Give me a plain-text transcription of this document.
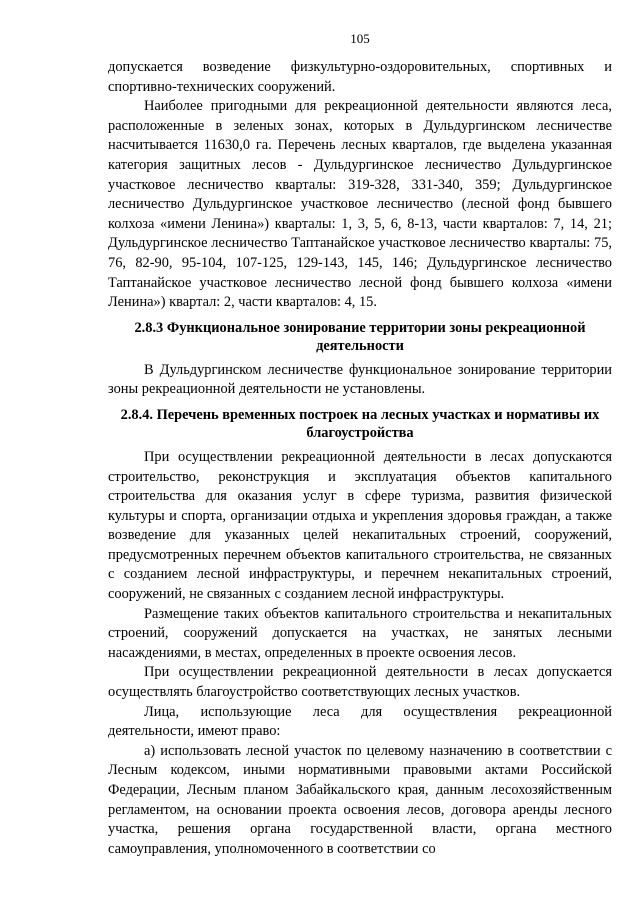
105

допускается возведение физкультурно-оздоровительных, спортивных и спортивно-технических сооружений.

Наиболее пригодными для рекреационной деятельности являются леса, расположенные в зеленых зонах, которых в Дульдургинском лесничестве насчитывается 11630,0 га. Перечень лесных кварталов, где выделена указанная категория защитных лесов - Дульдургинское лесничество Дульдургинское участковое лесничество кварталы: 319-328, 331-340, 359; Дульдургинское лесничество Дульдургинское участковое лесничество (лесной фонд бывшего колхоза «имени Ленина») кварталы: 1, 3, 5, 6, 8-13, части кварталов: 7, 14, 21; Дульдургинское лесничество Таптанайское участковое лесничество кварталы: 75, 76, 82-90, 95-104, 107-125, 129-143, 145, 146; Дульдургинское лесничество Таптанайское участковое лесничество лесной фонд бывшего колхоза «имени Ленина») квартал: 2, части кварталов: 4, 15.

2.8.3 Функциональное зонирование территории зоны рекреационной деятельности

В Дульдургинском лесничестве функциональное зонирование территории зоны рекреационной деятельности не установлены.

2.8.4. Перечень временных построек на лесных участках и нормативы их благоустройства

При осуществлении рекреационной деятельности в лесах допускаются строительство, реконструкция и эксплуатация объектов капитального строительства для оказания услуг в сфере туризма, развития физической культуры и спорта, организации отдыха и укрепления здоровья граждан, а также возведение для указанных целей некапитальных строений, сооружений, предусмотренных перечнем объектов капитального строительства, не связанных с созданием лесной инфраструктуры, и перечнем некапитальных строений, сооружений, не связанных с созданием лесной инфраструктуры.

Размещение таких объектов капитального строительства и некапитальных строений, сооружений допускается на участках, не занятых лесными насаждениями, в местах, определенных в проекте освоения лесов.

При осуществлении рекреационной деятельности в лесах допускается осуществлять благоустройство соответствующих лесных участков.

Лица, использующие леса для осуществления рекреационной деятельности, имеют право:

а) использовать лесной участок по целевому назначению в соответствии с Лесным кодексом, иными нормативными правовыми актами Российской Федерации, Лесным планом Забайкальского края, данным лесохозяйственным регламентом, на основании проекта освоения лесов, договора аренды лесного участка, решения органа государственной власти, органа местного самоуправления, уполномоченного в соответствии со
